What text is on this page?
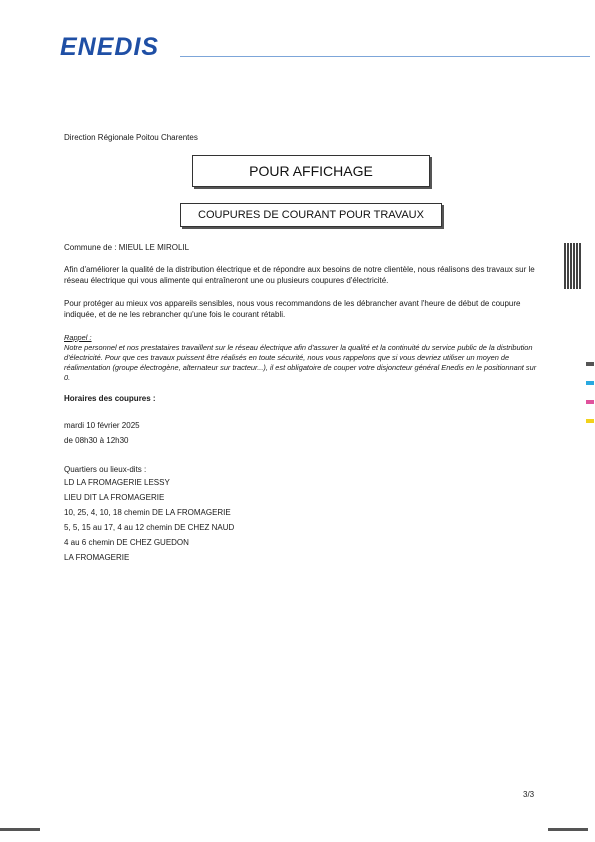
ENEDIS
Direction Régionale Poitou Charentes
POUR AFFICHAGE
COUPURES DE COURANT POUR TRAVAUX
Commune de : MIEUL LE MIROLIL
Afin d'améliorer la qualité de la distribution électrique et de répondre aux besoins de notre clientèle, nous réalisons des travaux sur le réseau électrique qui vous alimente qui entraîneront une ou plusieurs coupures d'électricité.
Pour protéger au mieux vos appareils sensibles, nous vous recommandons de les débrancher avant l'heure de début de coupure indiquée, et de ne les rebrancher qu'une fois le courant rétabli.
Rappel :
Notre personnel et nos prestataires travaillent sur le réseau électrique afin d'assurer la qualité et la continuité du service public de la distribution d'électricité. Pour que ces travaux puissent être réalisés en toute sécurité, nous vous rappelons que si vous devriez utiliser un moyen de réalimentation (groupe électrogène, alternateur sur tracteur...), il est obligatoire de couper votre disjoncteur général Enedis en le positionnant sur 0.
Horaires des coupures :
mardi 10 février 2025
de 08h30 à 12h30
Quartiers ou lieux-dits :
LD LA FROMAGERIE LESSY
LIEU DIT LA FROMAGERIE
10, 25, 4, 10, 18 chemin DE LA FROMAGERIE
5, 5, 15 au 17, 4 au 12 chemin DE CHEZ NAUD
4 au 6 chemin DE CHEZ GUEDON
LA FROMAGERIE
3/3
